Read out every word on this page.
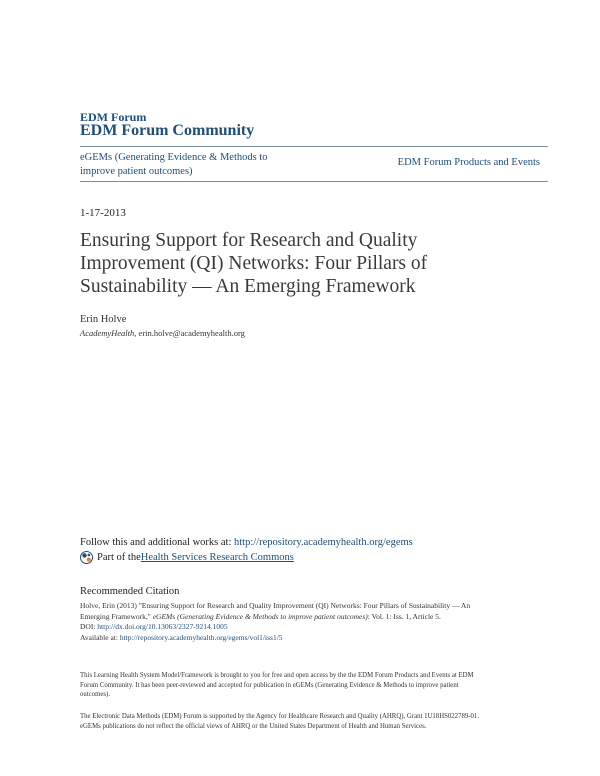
EDM Forum
EDM Forum Community
eGEMs (Generating Evidence & Methods to
improve patient outcomes)
EDM Forum Products and Events
1-17-2013
Ensuring Support for Research and Quality
Improvement (QI) Networks: Four Pillars of
Sustainability — An Emerging Framework
Erin Holve
AcademyHealth, erin.holve@academyhealth.org
Follow this and additional works at: http://repository.academyhealth.org/egems
Part of the Health Services Research Commons
Recommended Citation
Holve, Erin (2013) "Ensuring Support for Research and Quality Improvement (QI) Networks: Four Pillars of Sustainability — An
Emerging Framework," eGEMs (Generating Evidence & Methods to improve patient outcomes): Vol. 1: Iss. 1, Article 5.
DOI: http://dx.doi.org/10.13063/2327-9214.1005
Available at: http://repository.academyhealth.org/egems/vol1/iss1/5
This Learning Health System Model/Framework is brought to you for free and open access by the the EDM Forum Products and Events at EDM
Forum Community. It has been peer-reviewed and accepted for publication in eGEMs (Generating Evidence & Methods to improve patient
outcomes).
The Electronic Data Methods (EDM) Forum is supported by the Agency for Healthcare Research and Quality (AHRQ), Grant 1U18HS022789-01.
eGEMs publications do not reflect the official views of AHRQ or the United States Department of Health and Human Services.
